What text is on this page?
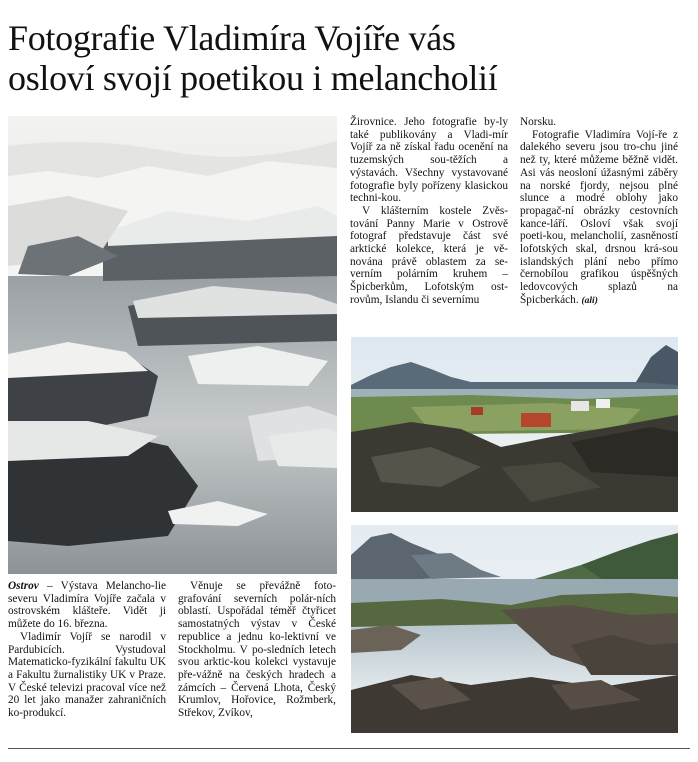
Fotografie Vladimíra Vojíře vás
osloví svojí poetikou i melancholií

Ostrov – Výstava Melancho-lie severu Vladimíra Vojíře začala v ostrovském klášteře. Vidět ji můžete do 16. března.

Vladimír Vojíř se narodil v Pardubicích. Vystudoval Matematicko-fyzikální fakultu UK a Fakultu žurnalistiky UK v Praze. V České televizi pracoval více než 20 let jako manažer zahraničních ko-produkcí.

Věnuje se převážně foto-grafování severních polár-ních oblastí. Uspořádal téměř čtyřicet samostatných výstav v České republice a jednu ko-lektivní ve Stockholmu. V po-sledních letech svou arktic-kou kolekci vystavuje pře-vážně na českých hradech a zámcích – Červená Lhota, Český Krumlov, Hořovice, Rožmberk, Střekov, Zvíkov,

Žirovnice. Jeho fotografie by-ly také publikovány a Vladi-mír Vojíř za ně získal řadu ocenění na tuzemských sou-těžích a výstavách. Všechny vystavované fotografie byly pořízeny klasickou techni-kou.

V klášterním kostele Zvěs-tování Panny Marie v Ostrově fotograf představuje část své arktické kolekce, která je vě-nována právě oblastem za se-verním polárním kruhem – Špicberkům, Lofotským ost-rovům, Islandu či severnímu

Norsku.

Fotografie Vladimíra Vojí-ře z dalekého severu jsou tro-chu jiné než ty, které můžeme běžně vidět. Asi vás neosloní úžasnými záběry na norské fjordy, nejsou plné slunce a modré oblohy jako propagač-ní obrázky cestovních kance-láří. Osloví však svojí poeti-kou, melancholií, zasněností lofotských skal, drsnou krá-sou islandských plání nebo přímo černobílou grafikou úspěšných ledovcových splazů na Špicberkách. (ali)
